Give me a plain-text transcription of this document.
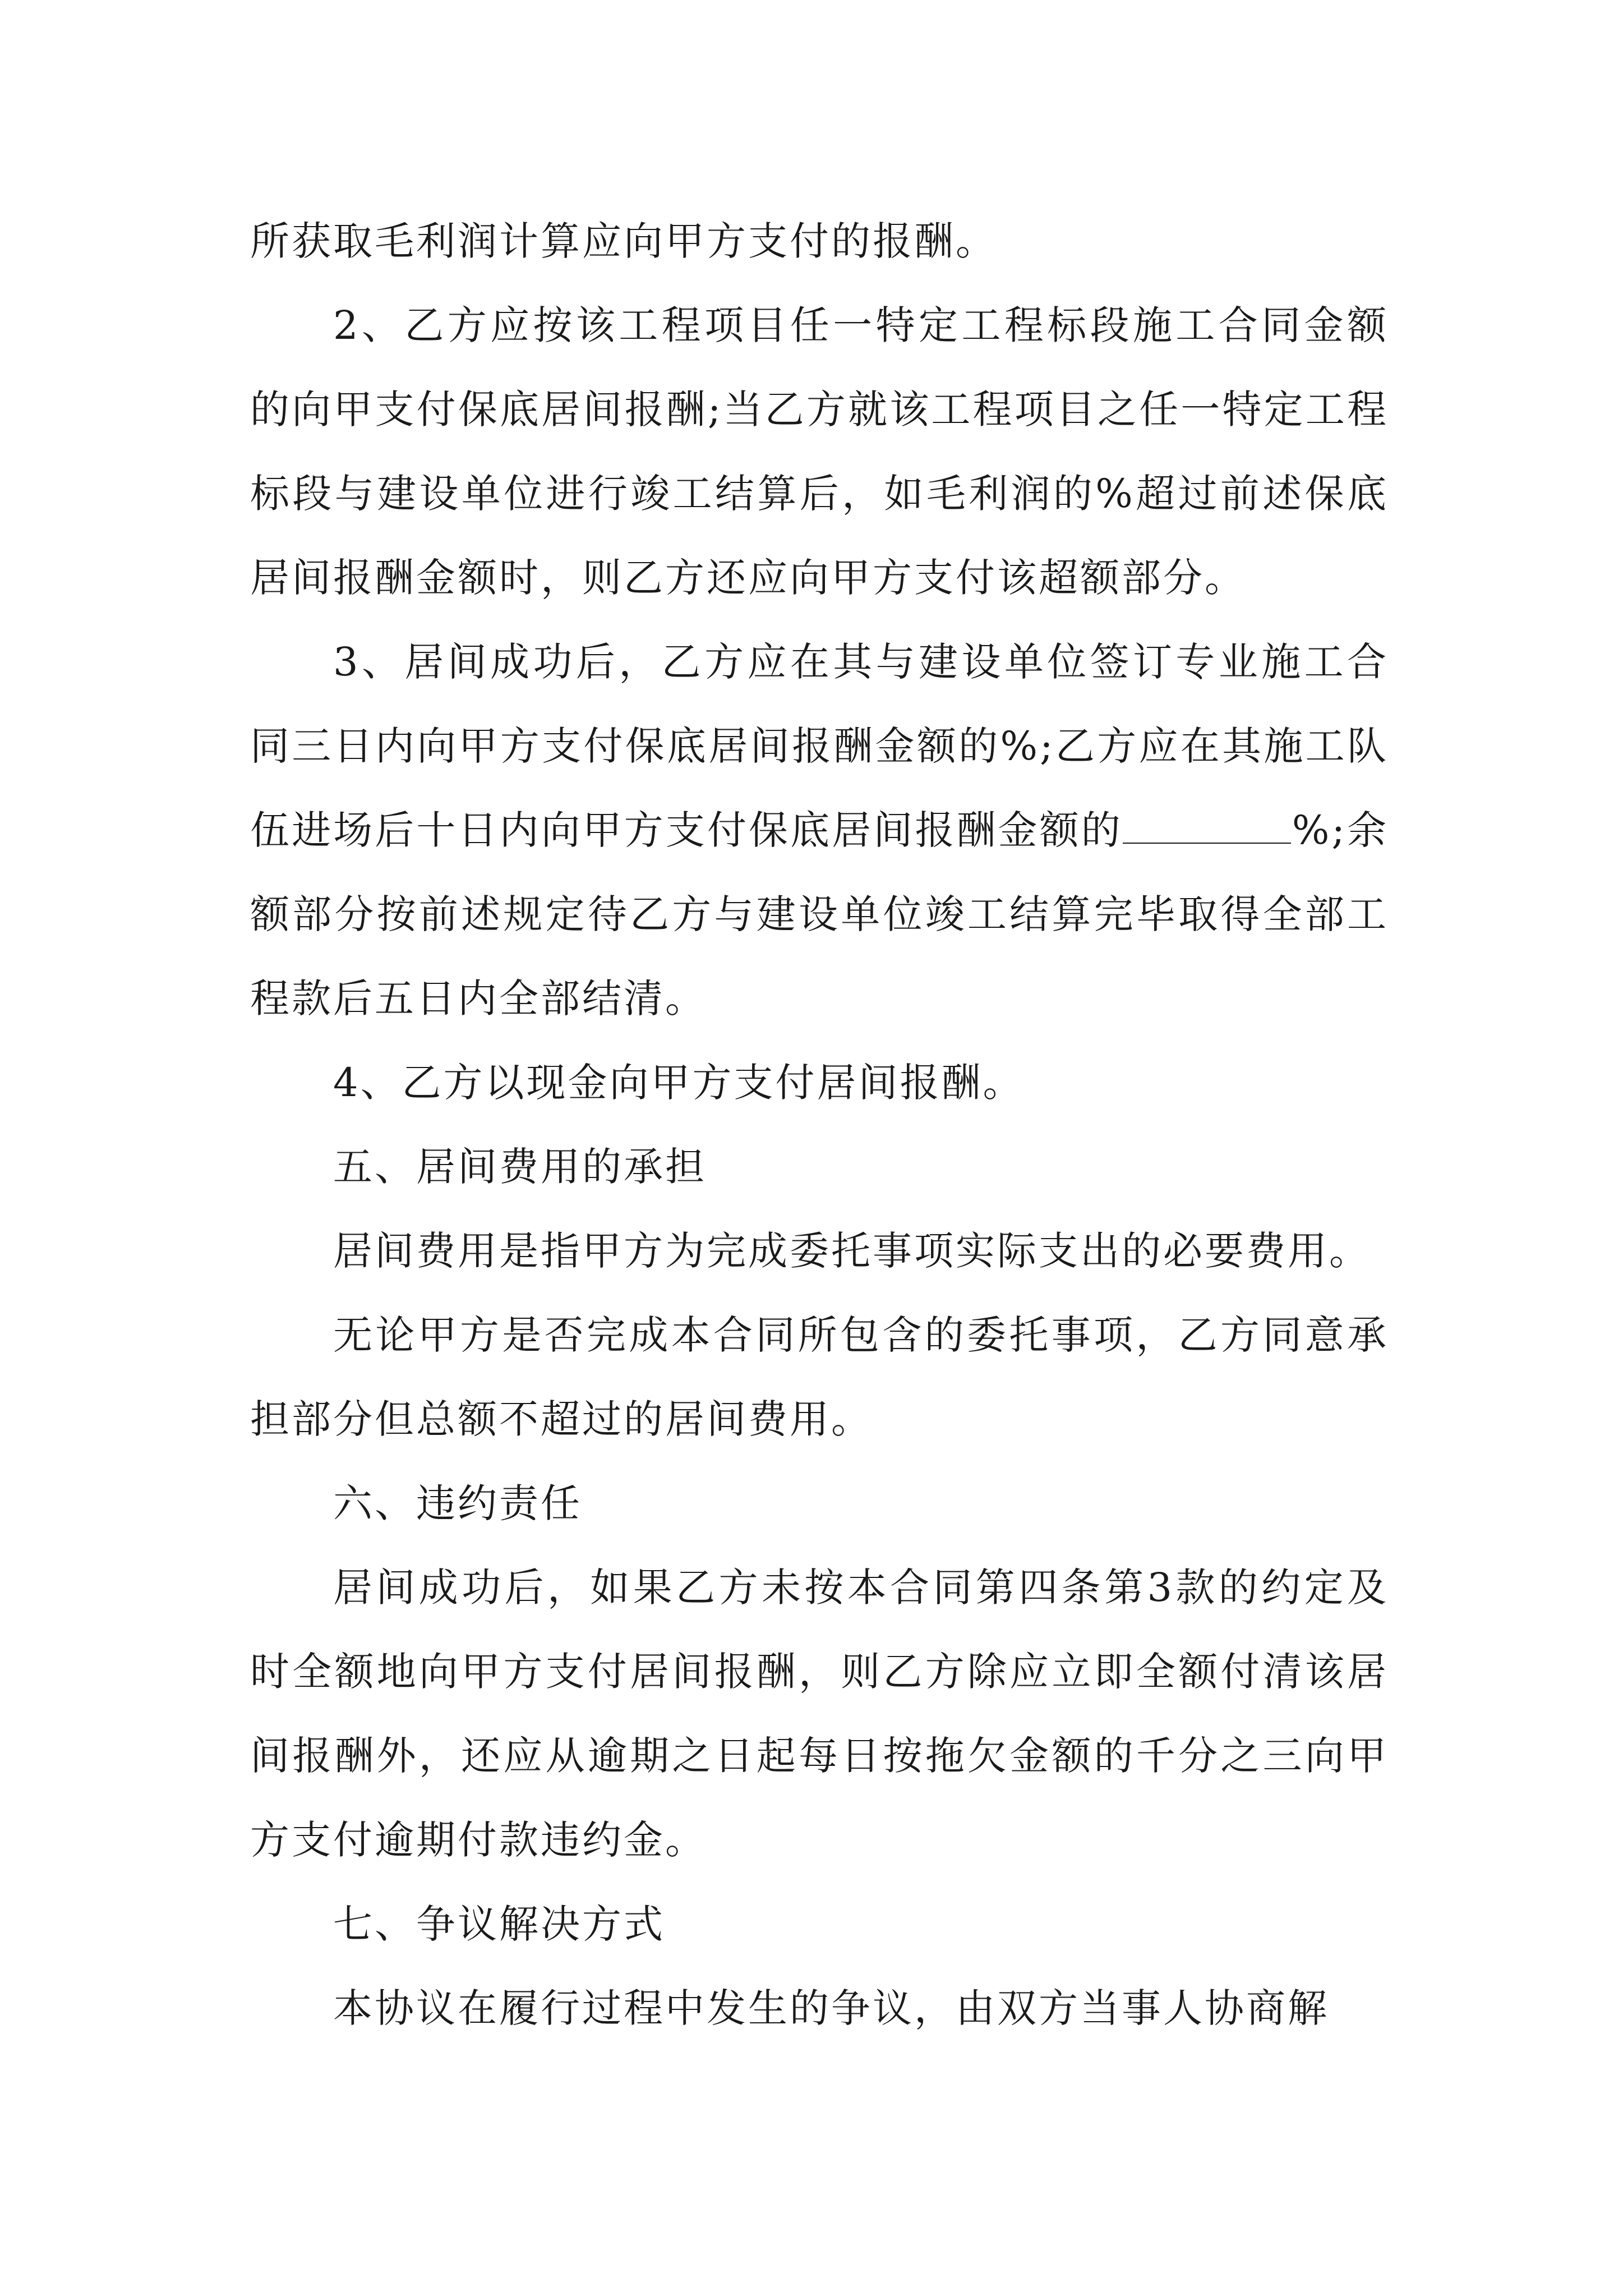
所获取毛利润计算应向甲方支付的报酬。

2、乙方应按该工程项目任一特定工程标段施工合同金额的向甲支付保底居间报酬;当乙方就该工程项目之任一特定工程标段与建设单位进行竣工结算后，如毛利润的%超过前述保底居间报酬金额时，则乙方还应向甲方支付该超额部分。

3、居间成功后，乙方应在其与建设单位签订专业施工合同三日内向甲方支付保底居间报酬金额的%;乙方应在其施工队伍进场后十日内向甲方支付保底居间报酬金额的	%;余额部分按前述规定待乙方与建设单位竣工结算完毕取得全部工程款后五日内全部结清。

4、乙方以现金向甲方支付居间报酬。

五、居间费用的承担

居间费用是指甲方为完成委托事项实际支出的必要费用。

无论甲方是否完成本合同所包含的委托事项，乙方同意承担部分但总额不超过的居间费用。

六、违约责任

居间成功后，如果乙方未按本合同第四条第3款的约定及时全额地向甲方支付居间报酬，则乙方除应立即全额付清该居间报酬外，还应从逾期之日起每日按拖欠金额的千分之三向甲方支付逾期付款违约金。

七、争议解决方式

本协议在履行过程中发生的争议，由双方当事人协商解
